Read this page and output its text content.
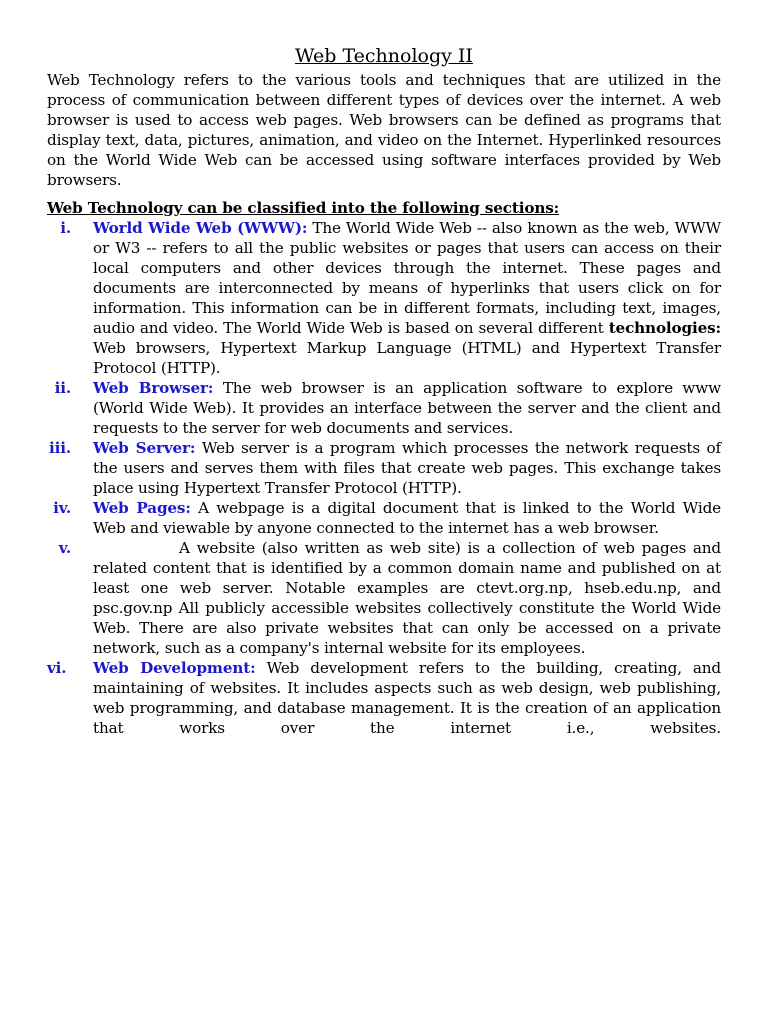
Web Technology II

Web Technology refers to the various tools and techniques that are utilized in the process of communication between different types of devices over the internet. A web browser is used to access web pages. Web browsers can be defined as programs that display text, data, pictures, animation, and video on the Internet. Hyperlinked resources on the World Wide Web can be accessed using software interfaces provided by Web browsers.

Web Technology can be classified into the following sections:

i. World Wide Web (WWW): The World Wide Web -- also known as the web, WWW or W3 -- refers to all the public websites or pages that users can access on their local computers and other devices through the internet. These pages and documents are interconnected by means of hyperlinks that users click on for information. This information can be in different formats, including text, images, audio and video. The World Wide Web is based on several different technologies: Web browsers, Hypertext Markup Language (HTML) and Hypertext Transfer Protocol (HTTP).
ii. Web Browser: The web browser is an application software to explore www (World Wide Web). It provides an interface between the server and the client and requests to the server for web documents and services.
iii. Web Server: Web server is a program which processes the network requests of the users and serves them with files that create web pages. This exchange takes place using Hypertext Transfer Protocol (HTTP).
iv. Web Pages: A webpage is a digital document that is linked to the World Wide Web and viewable by anyone connected to the internet has a web browser.
v.	A website (also written as web site) is a collection of web pages and related content that is identified by a common domain name and published on at least one web server. Notable examples are ctevt.org.np, hseb.edu.np, and psc.gov.np All publicly accessible websites collectively constitute the World Wide Web. There are also private websites that can only be accessed on a private network, such as a company's internal website for its employees.
vi.	Web Development: Web development refers to the building, creating, and maintaining of websites. It includes aspects such as web design, web publishing, web programming, and database management. It is the creation of an application that works over the internet i.e., websites.
